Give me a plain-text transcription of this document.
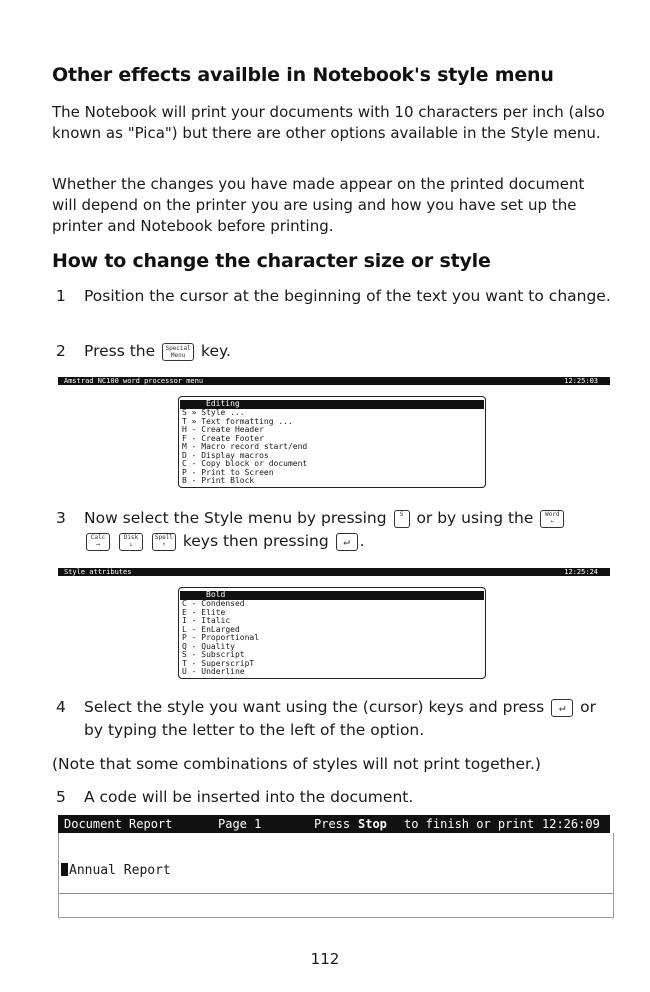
Other effects availble in Notebook's style menu

The Notebook will print your documents with 10 characters per inch (also known as "Pica") but there are other options available in the Style menu.

Whether the changes you have made appear on the printed document will depend on the printer you are using and how you have set up the printer and Notebook before printing.

How to change the character size or style
1 Position the cursor at the beginning of the text you want to change.
2 Press the Special
Menu key.
Amstrad NC100 word processor menu	12:25:03
Editing
S » Style ...
T » Text formatting ...
H - Create Header
F - Create Footer
M - Macro record start/end
D - Display macros
C - Copy block or document
P - Print to Screen
B - Print Block
3 Now select the Style menu by pressing S or by using the Word
←
Calc
⟶ Disk
↓ Spell
↑ keys then pressing ↵ .
Style attributes	12:25:24
Bold
C - Condensed
E - Elite
I - Italic
L - EnLarged
P - Proportional
Q - Quality
S - Subscript
T - SuperscripT
U - Underline
4 Select the style you want using the (cursor) keys and press ↵ or by typing the letter to the left of the option.

(Note that some combinations of styles will not print together.)

5 A code will be inserted into the document.
Document Report	Page 1	Press Stop to finish or print 12:26:09
Annual Report
112
